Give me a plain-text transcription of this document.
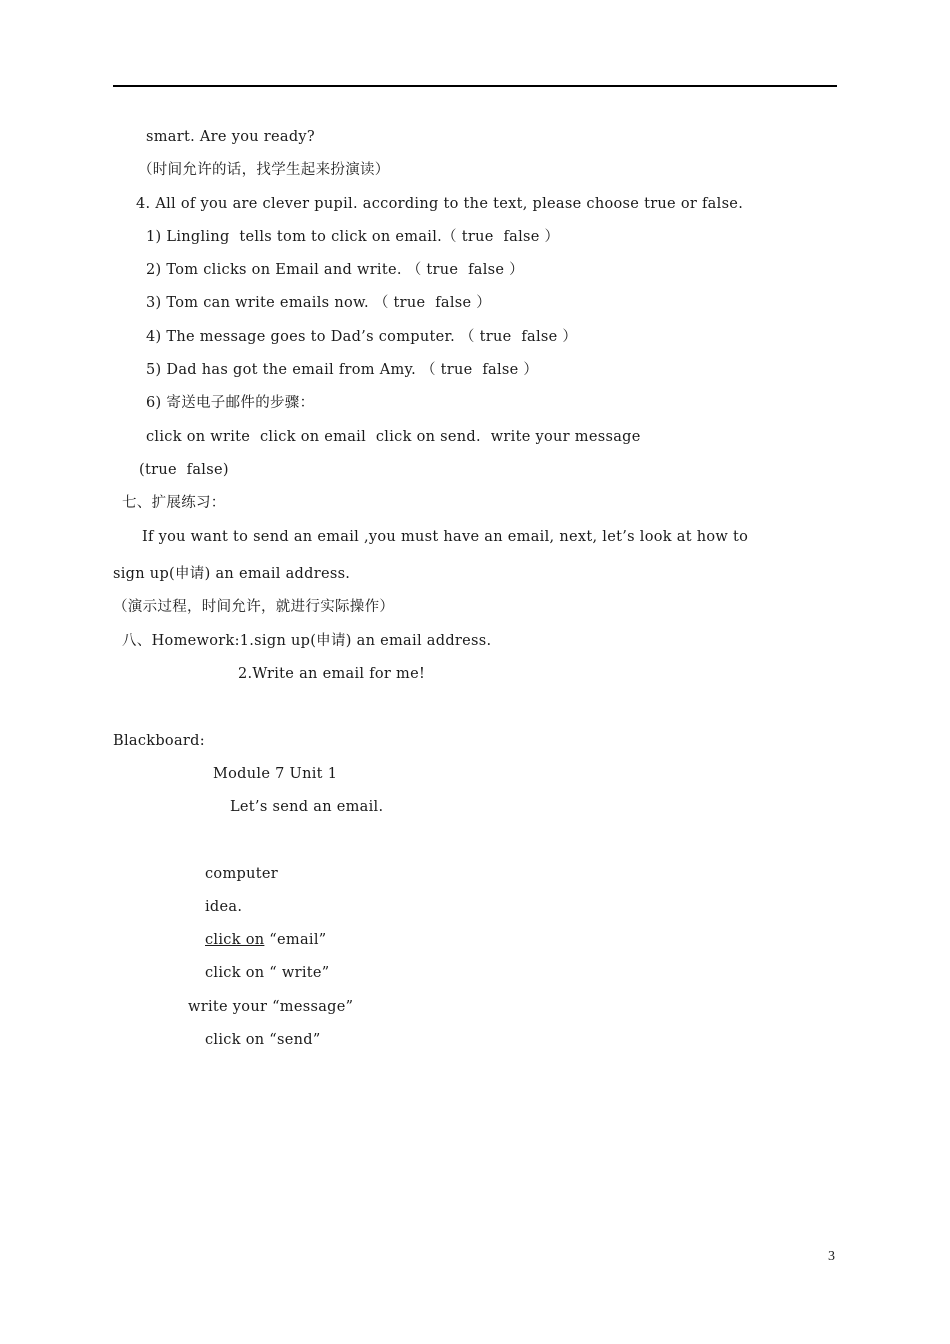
smart. Are you ready?
（时间允许的话，找学生起来扮演读）
4. All of you are clever pupil. according to the text, please choose true or false.
1) Lingling  tells tom to click on email.（ true  false ）
2) Tom clicks on Email and write. （ true  false ）
3) Tom can write emails now. （ true  false ）
4) The message goes to Dad’s computer. （ true  false ）
5) Dad has got the email from Amy. （ true  false ）
6) 寄送电子邮件的步骤：
click on write  click on email  click on send.  write your message
(true  false)
七、扩展练习：
If you want to send an email ,you must have an email, next, let’s look at how to
sign up(申请) an email address.
（演示过程，时间允许，就进行实际操作）
八、Homework:1.sign up(申请) an email address.
2.Write an email for me!
Blackboard:
Module 7 Unit 1
Let’s send an email.
computer
idea.
click on “email”
click on “ write”
write your “message”
click on “send”
3
